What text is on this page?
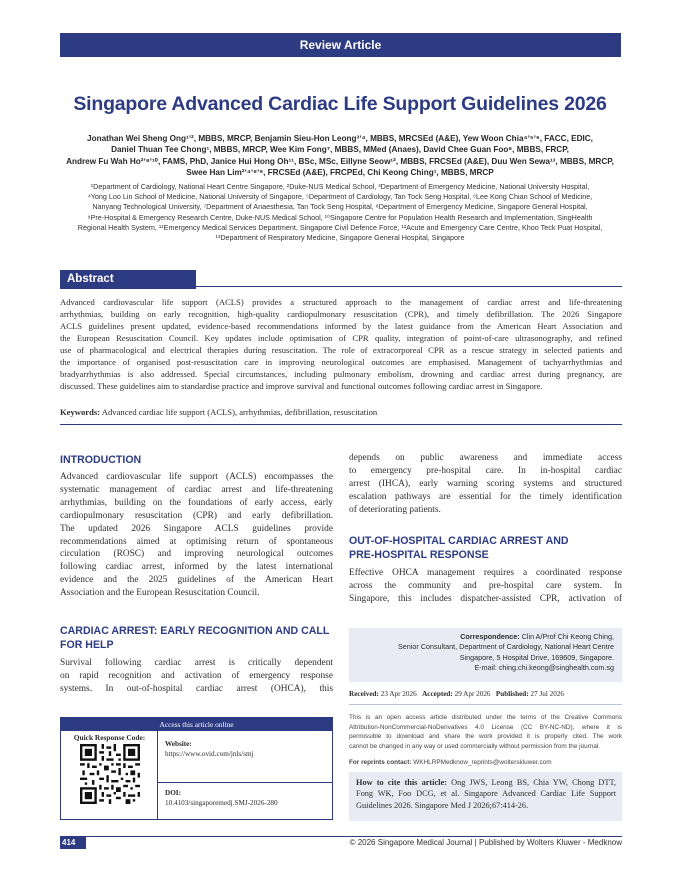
Review Article
Singapore Advanced Cardiac Life Support Guidelines 2026
Jonathan Wei Sheng Ong¹ʼ², MBBS, MRCP, Benjamin Sieu-Hon Leong³ʼ⁴, MBBS, MRCSEd (A&E), Yew Woon Chia⁴ʼ⁵ʼ⁶, FACC, EDIC,
Daniel Thuan Tee Chong¹, MBBS, MRCP, Wee Kim Fong⁷, MBBS, MMed (Anaes), David Chee Guan Foo⁶, MBBS, FRCP,
Andrew Fu Wah Ho²ʼ⁸ʼ¹⁰, FAMS, PhD, Janice Hui Hong Oh¹¹, BSc, MSc, Eillyne Seow¹², MBBS, FRCSEd (A&E), Duu Wen Sewa¹³, MBBS, MRCP,
Swee Han Lim²ʼ⁴ʼ⁸ʼ⁹, FRCSEd (A&E), FRCPEd, Chi Keong Ching¹, MBBS, MRCP
¹Department of Cardiology, National Heart Centre Singapore, ²Duke-NUS Medical School, ³Department of Emergency Medicine, National University Hospital,
⁴Yong Loo Lin School of Medicine, National University of Singapore, ⁵Department of Cardiology, Tan Tock Seng Hospital, ⁶Lee Kong Chian School of Medicine,
Nanyang Technological University, ⁷Department of Anaesthesia, Tan Tock Seng Hospital, ⁸Department of Emergency Medicine, Singapore General Hospital,
⁹Pre-Hospital & Emergency Research Centre, Duke-NUS Medical School, ¹⁰Singapore Centre for Population Health Research and Implementation, SingHealth
Regional Health System, ¹¹Emergency Medical Services Department, Singapore Civil Defence Force, ¹²Acute and Emergency Care Centre, Khoo Teck Puat Hospital,
¹³Department of Respiratory Medicine, Singapore General Hospital, Singapore
Abstract
Advanced cardiovascular life support (ACLS) provides a structured approach to the management of cardiac arrest and life-threatening
arrhythmias, building on early recognition, high-quality cardiopulmonary resuscitation (CPR), and timely defibrillation. The 2026 Singapore
ACLS guidelines present updated, evidence-based recommendations informed by the latest guidance from the American Heart Association and
the European Resuscitation Council. Key updates include optimisation of CPR quality, integration of point-of-care ultrasonography, and refined
use of pharmacological and electrical therapies during resuscitation. The role of extracorporeal CPR as a rescue strategy in selected patients and
the importance of organised post-resuscitation care in improving neurological outcomes are emphasised. Management of tachyarrhythmias and
bradyarrhythmias is also addressed. Special circumstances, including pulmonary embolism, drowning and cardiac arrest during pregnancy, are
discussed. These guidelines aim to standardise practice and improve survival and functional outcomes following cardiac arrest in Singapore.
Keywords: Advanced cardiac life support (ACLS), arrhythmias, defibrillation, resuscitation
INTRODUCTION
Advanced cardiovascular life support (ACLS) encompasses the
systematic management of cardiac arrest and life-threatening
arrhythmias, building on the foundations of early access, early
cardiopulmonary resuscitation (CPR) and early defibrillation.
The updated 2026 Singapore ACLS guidelines provide
recommendations aimed at optimising return of spontaneous
circulation (ROSC) and improving neurological outcomes
following cardiac arrest, informed by the latest international
evidence and the 2025 guidelines of the American Heart
Association and the European Resuscitation Council.
CARDIAC ARREST: EARLY RECOGNITION AND CALL
FOR HELP
Survival following cardiac arrest is critically dependent
on rapid recognition and activation of emergency response
systems. In out-of-hospital cardiac arrest (OHCA), this
Access this article online
Quick Response Code:
Website:
https://www.ovid.com/jnls/smj
DOI:
10.4103/singaporemedj.SMJ-2026-280
depends on public awareness and immediate access
to emergency pre-hospital care. In in-hospital cardiac
arrest (IHCA), early warning scoring systems and structured
escalation pathways are essential for the timely identification
of deteriorating patients.
OUT-OF-HOSPITAL CARDIAC ARREST AND
PRE-HOSPITAL RESPONSE
Effective OHCA management requires a coordinated response
across the community and pre-hospital care system. In
Singapore, this includes dispatcher-assisted CPR, activation of
Correspondence: Clin A/Prof Chi Keong Ching,
Senior Consultant, Department of Cardiology, National Heart Centre
Singapore, 5 Hospital Drive, 169609, Singapore.
E-mail: ching.chi.keong@singhealth.com.sg
Received: 23 Apr 2026 Accepted: 29 Apr 2026 Published: 27 Jul 2026
This is an open access article distributed under the terms of the Creative Commons
Attribution-NonCommercial-NoDerivatives 4.0 License (CC BY-NC-ND), where it is
permissible to download and share the work provided it is properly cited. The work
cannot be changed in any way or used commercially without permission from the journal.
For reprints contact: WKHLRPMedknow_reprints@wolterskluwer.com
How to cite this article: Ong JWS, Leong BS, Chia YW, Chong DTT,
Fong WK, Foo DCG, et al. Singapore Advanced Cardiac Life Support
Guidelines 2026. Singapore Med J 2026;67:414-26.
414	© 2026 Singapore Medical Journal | Published by Wolters Kluwer - Medknow
